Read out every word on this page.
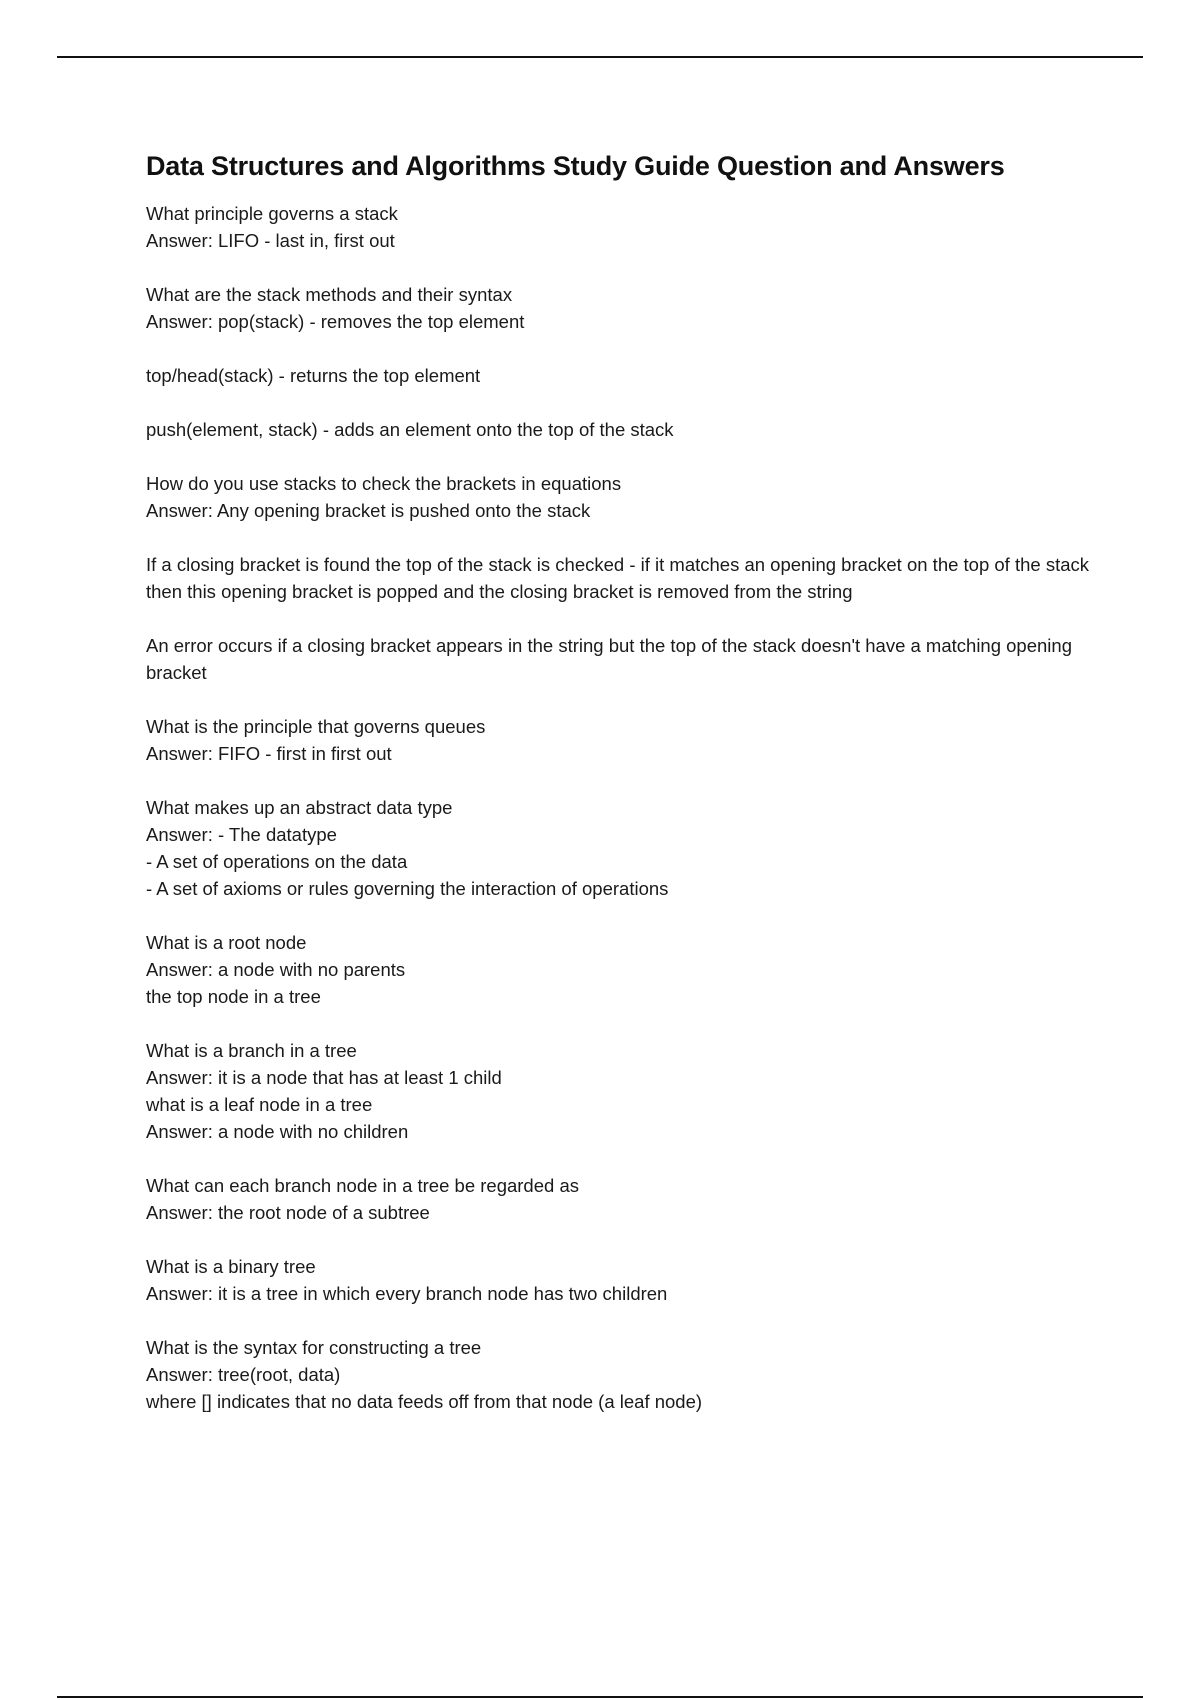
Data Structures and Algorithms Study Guide Question and Answers
What principle governs a stack
Answer: LIFO - last in, first out
What are the stack methods and their syntax
Answer: pop(stack) - removes the top element
top/head(stack) - returns the top element
push(element, stack) - adds an element onto the top of the stack
How do you use stacks to check the brackets in equations
Answer: Any opening bracket is pushed onto the stack
If a closing bracket is found the top of the stack is checked - if it matches an opening bracket on the top of the stack then this opening bracket is popped and the closing bracket is removed from the string
An error occurs if a closing bracket appears in the string but the top of the stack doesn't have a matching opening bracket
What is the principle that governs queues
Answer: FIFO - first in first out
What makes up an abstract data type
Answer: - The datatype
- A set of operations on the data
- A set of axioms or rules governing the interaction of operations
What is a root node
Answer: a node with no parents
the top node in a tree
What is a branch in a tree
Answer: it is a node that has at least 1 child
what is a leaf node in a tree
Answer: a node with no children
What can each branch node in a tree be regarded as
Answer: the root node of a subtree
What is a binary tree
Answer: it is a tree in which every branch node has two children
What is the syntax for constructing a tree
Answer: tree(root, data)
where [] indicates that no data feeds off from that node (a leaf node)
